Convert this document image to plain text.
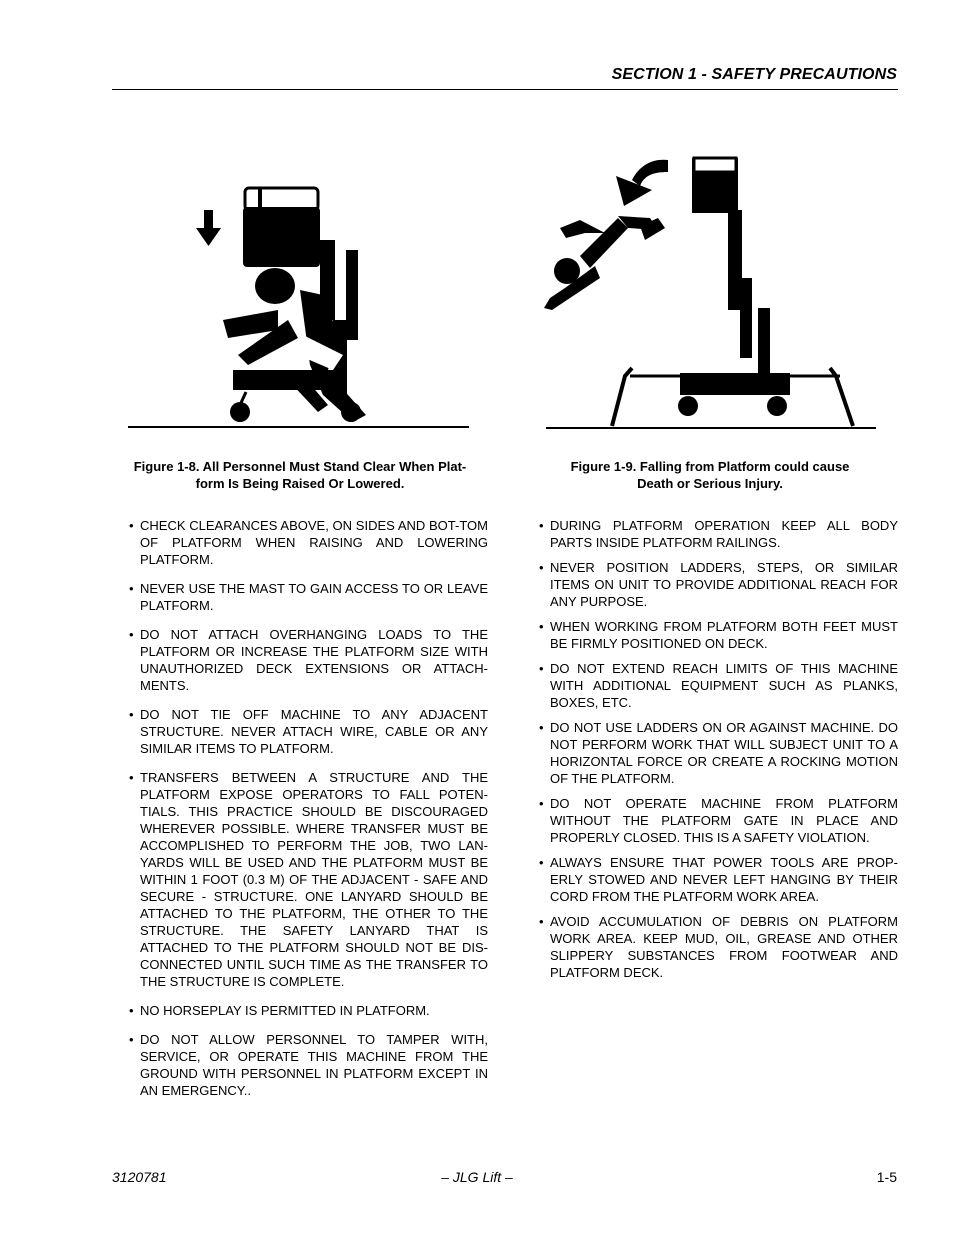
SECTION 1 - SAFETY PRECAUTIONS
Figure 1-8. All Personnel Must Stand Clear When Plat-
form Is Being Raised Or Lowered.
Figure 1-9. Falling from Platform could cause
Death or Serious Injury.
• CHECK CLEARANCES ABOVE, ON SIDES AND BOT-TOM OF PLATFORM WHEN RAISING AND LOWERING PLATFORM.
• NEVER USE THE MAST TO GAIN ACCESS TO OR LEAVE PLATFORM.
• DO NOT ATTACH OVERHANGING LOADS TO THE PLATFORM OR INCREASE THE PLATFORM SIZE WITH UNAUTHORIZED DECK EXTENSIONS OR ATTACH-MENTS.
• DO NOT TIE OFF MACHINE TO ANY ADJACENT STRUCTURE. NEVER ATTACH WIRE, CABLE OR ANY SIMILAR ITEMS TO PLATFORM.
• TRANSFERS BETWEEN A STRUCTURE AND THE PLATFORM EXPOSE OPERATORS TO FALL POTEN-TIALS. THIS PRACTICE SHOULD BE DISCOURAGED WHEREVER POSSIBLE. WHERE TRANSFER MUST BE ACCOMPLISHED TO PERFORM THE JOB, TWO LAN-YARDS WILL BE USED AND THE PLATFORM MUST BE WITHIN 1 FOOT (0.3 M) OF THE ADJACENT - SAFE AND SECURE - STRUCTURE. ONE LANYARD SHOULD BE ATTACHED TO THE PLATFORM, THE OTHER TO THE STRUCTURE. THE SAFETY LANYARD THAT IS ATTACHED TO THE PLATFORM SHOULD NOT BE DIS-CONNECTED UNTIL SUCH TIME AS THE TRANSFER TO THE STRUCTURE IS COMPLETE.
• NO HORSEPLAY IS PERMITTED IN PLATFORM.
• DO NOT ALLOW PERSONNEL TO TAMPER WITH, SERVICE, OR OPERATE THIS MACHINE FROM THE GROUND WITH PERSONNEL IN PLATFORM EXCEPT IN AN EMERGENCY..
• DURING PLATFORM OPERATION KEEP ALL BODY PARTS INSIDE PLATFORM RAILINGS.
• NEVER POSITION LADDERS, STEPS, OR SIMILAR ITEMS ON UNIT TO PROVIDE ADDITIONAL REACH FOR ANY PURPOSE.
• WHEN WORKING FROM PLATFORM BOTH FEET MUST BE FIRMLY POSITIONED ON DECK.
• DO NOT EXTEND REACH LIMITS OF THIS MACHINE WITH ADDITIONAL EQUIPMENT SUCH AS PLANKS, BOXES, ETC.
• DO NOT USE LADDERS ON OR AGAINST MACHINE. DO NOT PERFORM WORK THAT WILL SUBJECT UNIT TO A HORIZONTAL FORCE OR CREATE A ROCKING MOTION OF THE PLATFORM.
• DO NOT OPERATE MACHINE FROM PLATFORM WITHOUT THE PLATFORM GATE IN PLACE AND PROPERLY CLOSED. THIS IS A SAFETY VIOLATION.
• ALWAYS ENSURE THAT POWER TOOLS ARE PROP-ERLY STOWED AND NEVER LEFT HANGING BY THEIR CORD FROM THE PLATFORM WORK AREA.
• AVOID ACCUMULATION OF DEBRIS ON PLATFORM WORK AREA. KEEP MUD, OIL, GREASE AND OTHER SLIPPERY SUBSTANCES FROM FOOTWEAR AND PLATFORM DECK.
3120781	– JLG Lift –	1-5
